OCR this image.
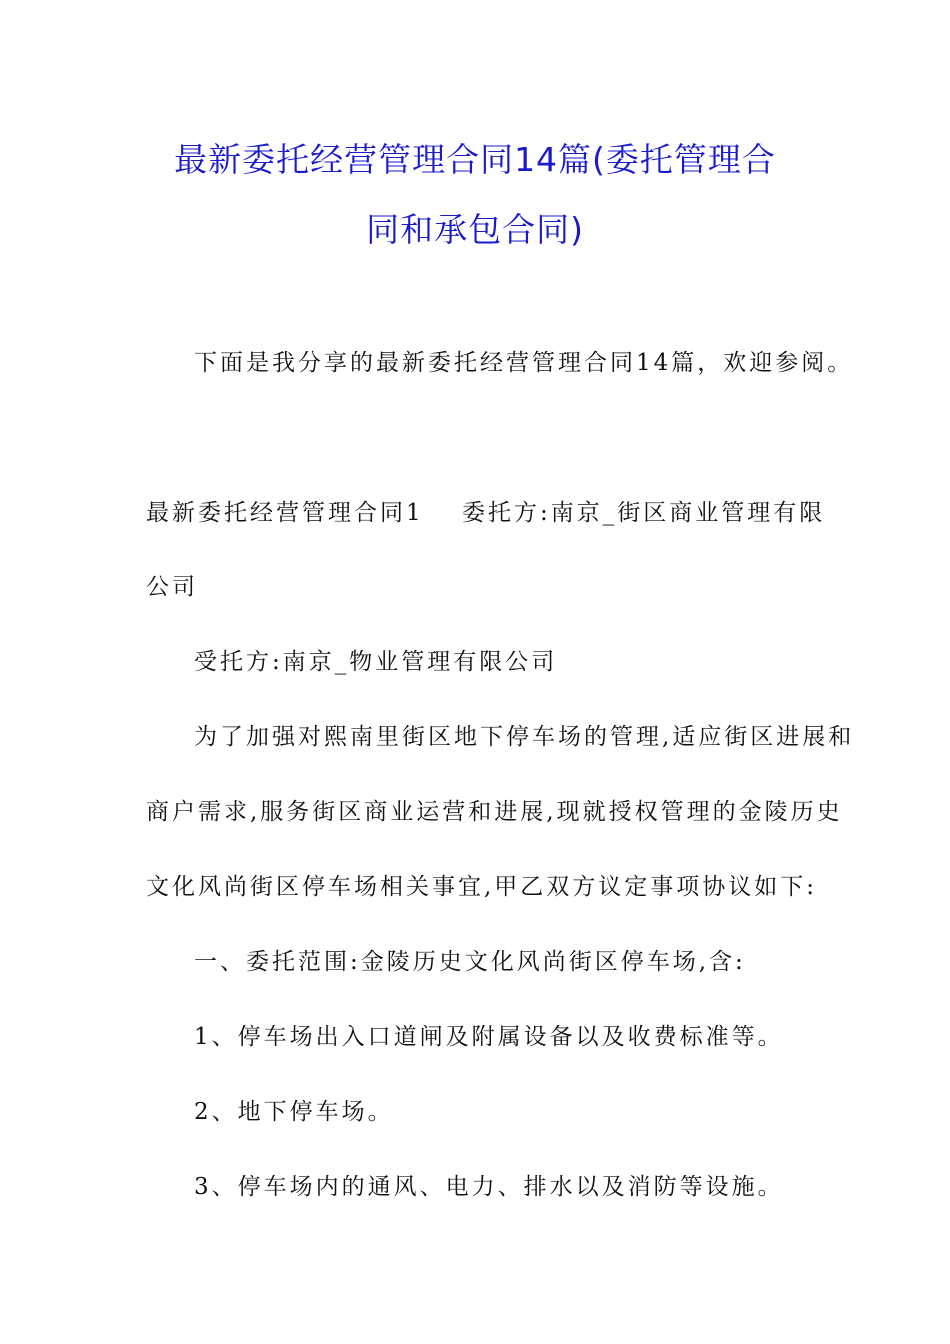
最新委托经营管理合同14篇(委托管理合
同和承包合同)
下面是我分享的最新委托经营管理合同14篇，欢迎参阅。
最新委托经营管理合同1 委托方:南京_街区商业管理有限
公司
受托方:南京_物业管理有限公司
为了加强对熙南里街区地下停车场的管理,适应街区进展和
商户需求,服务街区商业运营和进展,现就授权管理的金陵历史
文化风尚街区停车场相关事宜,甲乙双方议定事项协议如下:
一、委托范围:金陵历史文化风尚街区停车场,含:
1、停车场出入口道闸及附属设备以及收费标准等。
2、地下停车场。
3、停车场内的通风、电力、排水以及消防等设施。
